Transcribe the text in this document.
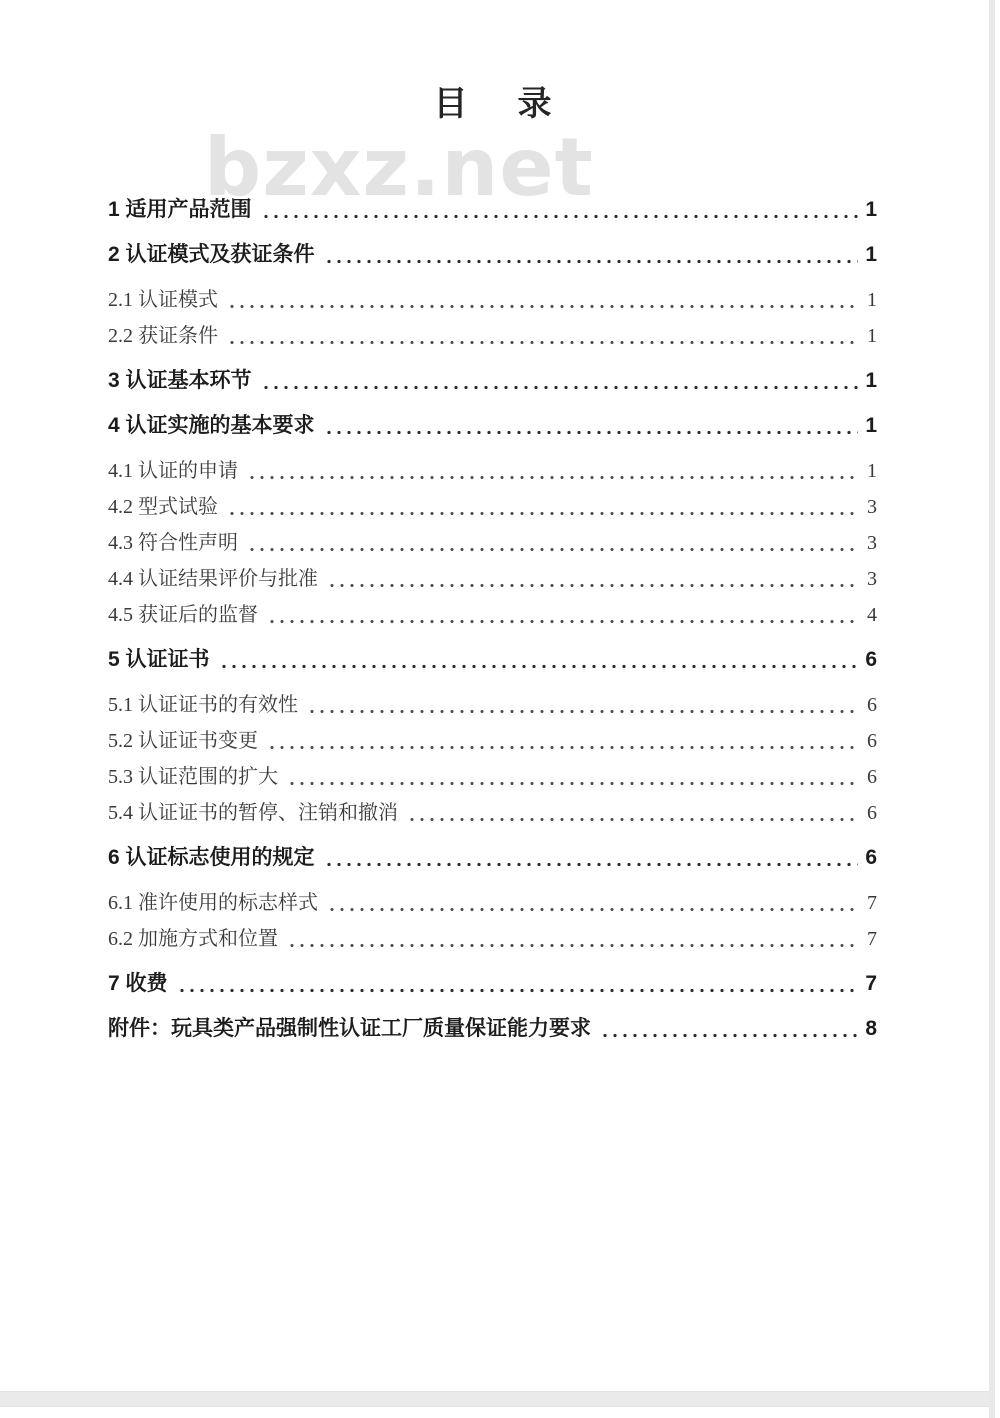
bzxz.net
目　录
1 适用产品范围	1
2 认证模式及获证条件	1
2.1 认证模式	1
2.2 获证条件	1
3 认证基本环节	1
4 认证实施的基本要求	1
4.1 认证的申请	1
4.2 型式试验	3
4.3 符合性声明	3
4.4 认证结果评价与批准	3
4.5 获证后的监督	4
5 认证证书	6
5.1 认证证书的有效性	6
5.2 认证证书变更	6
5.3 认证范围的扩大	6
5.4 认证证书的暂停、注销和撤消	6
6 认证标志使用的规定	6
6.1 准许使用的标志样式	7
6.2 加施方式和位置	7
7 收费	7
附件：玩具类产品强制性认证工厂质量保证能力要求	8
